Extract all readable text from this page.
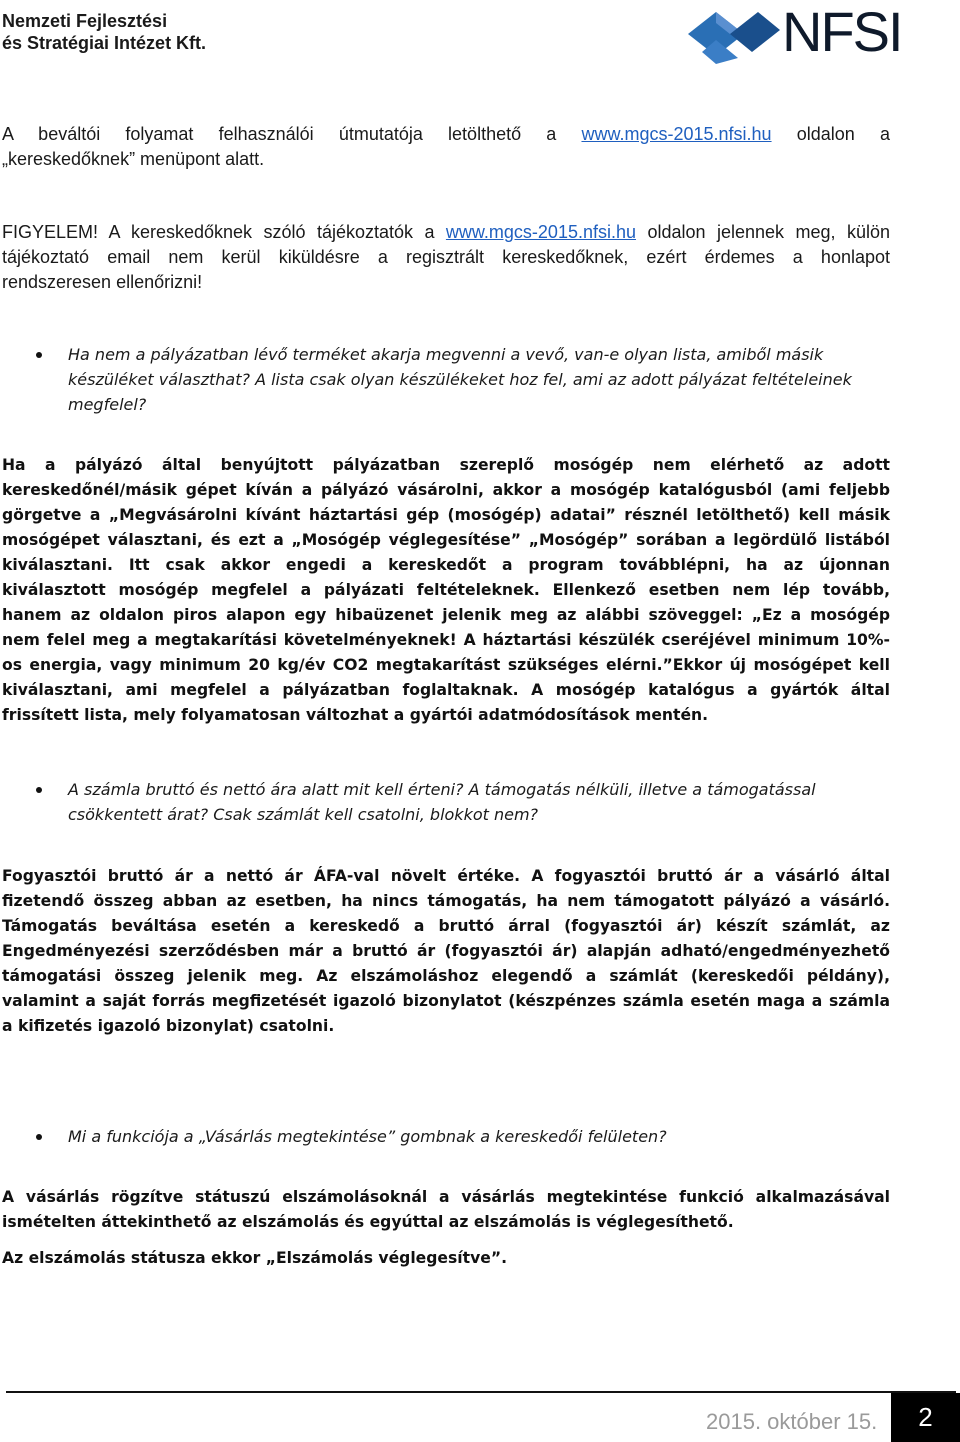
Nemzeti Fejlesztési
és Stratégiai Intézet Kft.	NFSI
A beváltói folyamat felhasználói útmutatója letölthető a www.mgcs-2015.nfsi.hu oldalon a
„kereskedőknek” menüpont alatt.
FIGYELEM! A kereskedőknek szóló tájékoztatók a www.mgcs-2015.nfsi.hu oldalon jelennek meg, külön
tájékoztató email nem kerül kiküldésre a regisztrált kereskedőknek, ezért érdemes a honlapot
rendszeresen ellenőrizni!
Ha nem a pályázatban lévő terméket akarja megvenni a vevő, van-e olyan lista, amiből másik
készüléket választhat? A lista csak olyan készülékeket hoz fel, ami az adott pályázat feltételeinek
megfelel?
Ha a pályázó által benyújtott pályázatban szereplő mosógép nem elérhető az adott
kereskedőnél/másik gépet kíván a pályázó vásárolni, akkor a mosógép katalógusból (ami feljebb
görgetve a „Megvásárolni kívánt háztartási gép (mosógép) adatai” résznél letölthető) kell másik
mosógépet választani, és ezt a „Mosógép véglegesítése” „Mosógép” sorában a legördülő listából
kiválasztani. Itt csak akkor engedi a kereskedőt a program továbblépni, ha az újonnan
kiválasztott mosógép megfelel a pályázati feltételeknek. Ellenkező esetben nem lép tovább,
hanem az oldalon piros alapon egy hibaüzenet jelenik meg az alábbi szöveggel: „Ez a mosógép
nem felel meg a megtakarítási követelményeknek! A háztartási készülék cseréjével minimum 10%-
os energia, vagy minimum 20 kg/év CO2 megtakarítást szükséges elérni.”Ekkor új mosógépet kell
kiválasztani, ami megfelel a pályázatban foglaltaknak. A mosógép katalógus a gyártók által
frissített lista, mely folyamatosan változhat a gyártói adatmódosítások mentén.
A számla bruttó és nettó ára alatt mit kell érteni? A támogatás nélküli, illetve a támogatással
csökkentett árat? Csak számlát kell csatolni, blokkot nem?
Fogyasztói bruttó ár a nettó ár ÁFA-val növelt értéke. A fogyasztói bruttó ár a vásárló által
fizetendő összeg abban az esetben, ha nincs támogatás, ha nem támogatott pályázó a vásárló.
Támogatás beváltása esetén a kereskedő a bruttó árral (fogyasztói ár) készít számlát, az
Engedményezési szerződésben már a bruttó ár (fogyasztói ár) alapján adható/engedményezhető
támogatási összeg jelenik meg. Az elszámoláshoz elegendő a számlát (kereskedői példány),
valamint a saját forrás megfizetését igazoló bizonylatot (készpénzes számla esetén maga a számla
a kifizetés igazoló bizonylat) csatolni.
Mi a funkciója a „Vásárlás megtekintése” gombnak a kereskedői felületen?
A vásárlás rögzítve státuszú elszámolásoknál a vásárlás megtekintése funkció alkalmazásával
ismételten áttekinthető az elszámolás és egyúttal az elszámolás is véglegesíthető.
Az elszámolás státusza ekkor „Elszámolás véglegesítve”.
2015. október 15.	2
